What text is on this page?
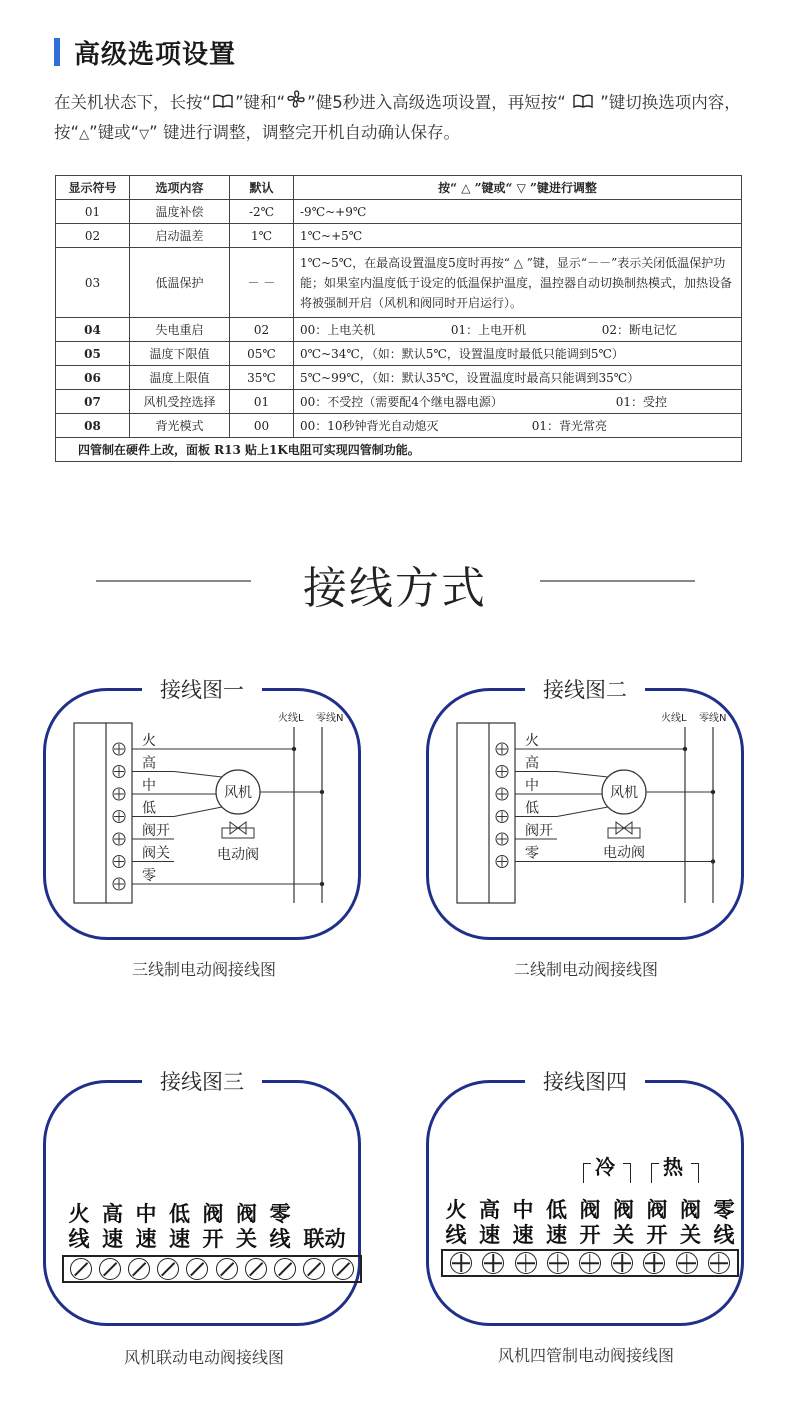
高级选项设置
在关机状态下，长按“ ”键和“ ”健5秒进入高级选项设置，再短按“  ”键切换选项内容，按“△”键或“▽” 键进行调整，调整完开机自动确认保存。
显示符号	选项内容	默认	按“ △ ”键或“ ▽ ”键进行调整
01	温度补偿	-2℃	-9℃~+9℃
02	启动温差	1℃	1℃~+5℃
03	低温保护	－ －	1℃~5℃，在最高设置温度5度时再按“ △ ”键，显示“－－”表示关闭低温保护功能；如果室内温度低于设定的低温保护温度，温控器自动切换制热模式，加热设备将被强制开启（风机和阀同时开启运行）。
04	失电重启	02	00：上电关机 01：上电开机 02：断电记忆

05	温度下限值	05℃	0℃~34℃，（如：默认5℃，设置温度时最低只能调到5℃）
06	温度上限值	35℃	5℃~99℃，（如：默认35℃，设置温度时最高只能调到35℃）
07	风机受控选择	01	00：不受控（需要配4个继电器电源） 01：受控

08	背光模式	00	00：10秒钟背光自动熄灭 01：背光常亮

四管制在硬件上改，面板 R13 贴上1K电阻可实现四管制功能。			
接线方式
接线图一
火
高
中
低
阀开
阀关
零
火线L 零线N
风机
电动阀
三线制电动阀接线图
接线图二
火
高
中
低
阀开
零
火线L 零线N
风机
电动阀
二线制电动阀接线图
接线图三
火
线
高
速
中
速
低
速
阀
开
阀
关
零
线 联动
风机联动电动阀接线图
接线图四
冷 热
火
线
高
速
中
速
低
速
阀
开
阀
关
阀
开
阀
关
零
线
风机四管制电动阀接线图
